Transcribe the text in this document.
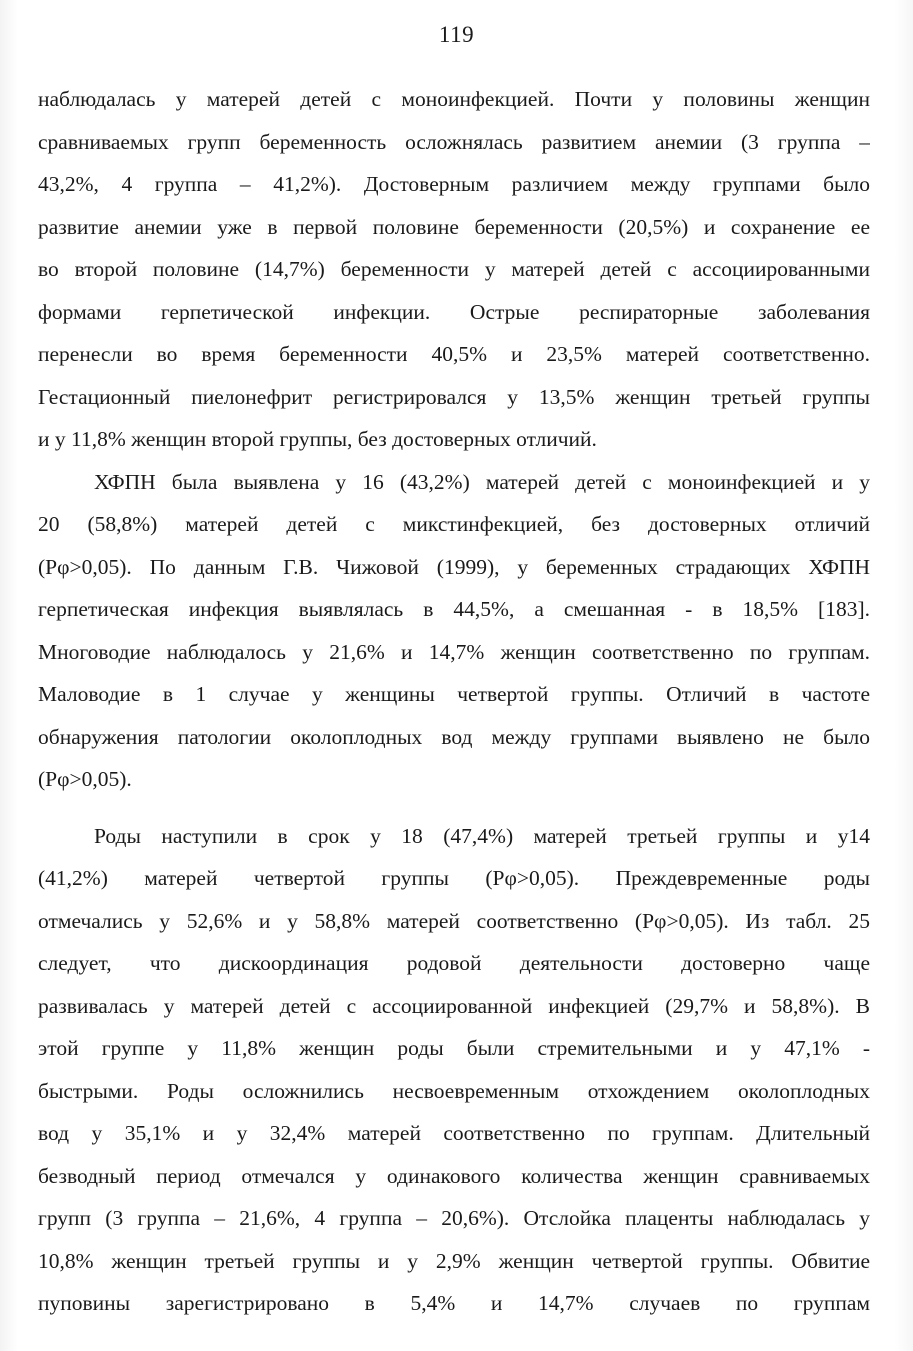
119
наблюдалась у матерей детей с моноинфекцией. Почти у половины женщин
сравниваемых групп беременность осложнялась развитием анемии (3 группа –
43,2%, 4 группа – 41,2%). Достоверным различием между группами было
развитие анемии уже в первой половине беременности (20,5%) и сохранение ее
во второй половине (14,7%) беременности у матерей детей с ассоциированными
формами герпетической инфекции. Острые респираторные заболевания
перенесли во время беременности 40,5% и 23,5% матерей соответственно.
Гестационный пиелонефрит регистрировался у 13,5% женщин третьей группы
и у 11,8% женщин второй группы, без достоверных отличий.
ХФПН была выявлена у 16 (43,2%) матерей детей с моноинфекцией и у
20 (58,8%) матерей детей с микстинфекцией, без достоверных отличий
(Рφ>0,05). По данным Г.В. Чижовой (1999), у беременных страдающих ХФПН
герпетическая инфекция выявлялась в 44,5%, а смешанная - в 18,5% [183].
Многоводие наблюдалось у 21,6% и 14,7% женщин соответственно по группам.
Маловодие в 1 случае у женщины четвертой группы. Отличий в частоте
обнаружения патологии околоплодных вод между группами выявлено не было
(Рφ>0,05).
Роды наступили в срок у 18 (47,4%) матерей третьей группы и у14
(41,2%) матерей четвертой группы (Рφ>0,05). Преждевременные роды
отмечались у 52,6% и у 58,8% матерей соответственно (Рφ>0,05). Из табл. 25
следует, что дискоординация родовой деятельности достоверно чаще
развивалась у матерей детей с ассоциированной инфекцией (29,7% и 58,8%). В
этой группе у 11,8% женщин роды были стремительными и у 47,1% -
быстрыми. Роды осложнились несвоевременным отхождением околоплодных
вод у 35,1% и у 32,4% матерей соответственно по группам. Длительный
безводный период отмечался у одинакового количества женщин сравниваемых
групп (3 группа – 21,6%, 4 группа – 20,6%). Отслойка плаценты наблюдалась у
10,8% женщин третьей группы и у 2,9% женщин четвертой группы. Обвитие
пуповины зарегистрировано в 5,4% и 14,7% случаев по группам
